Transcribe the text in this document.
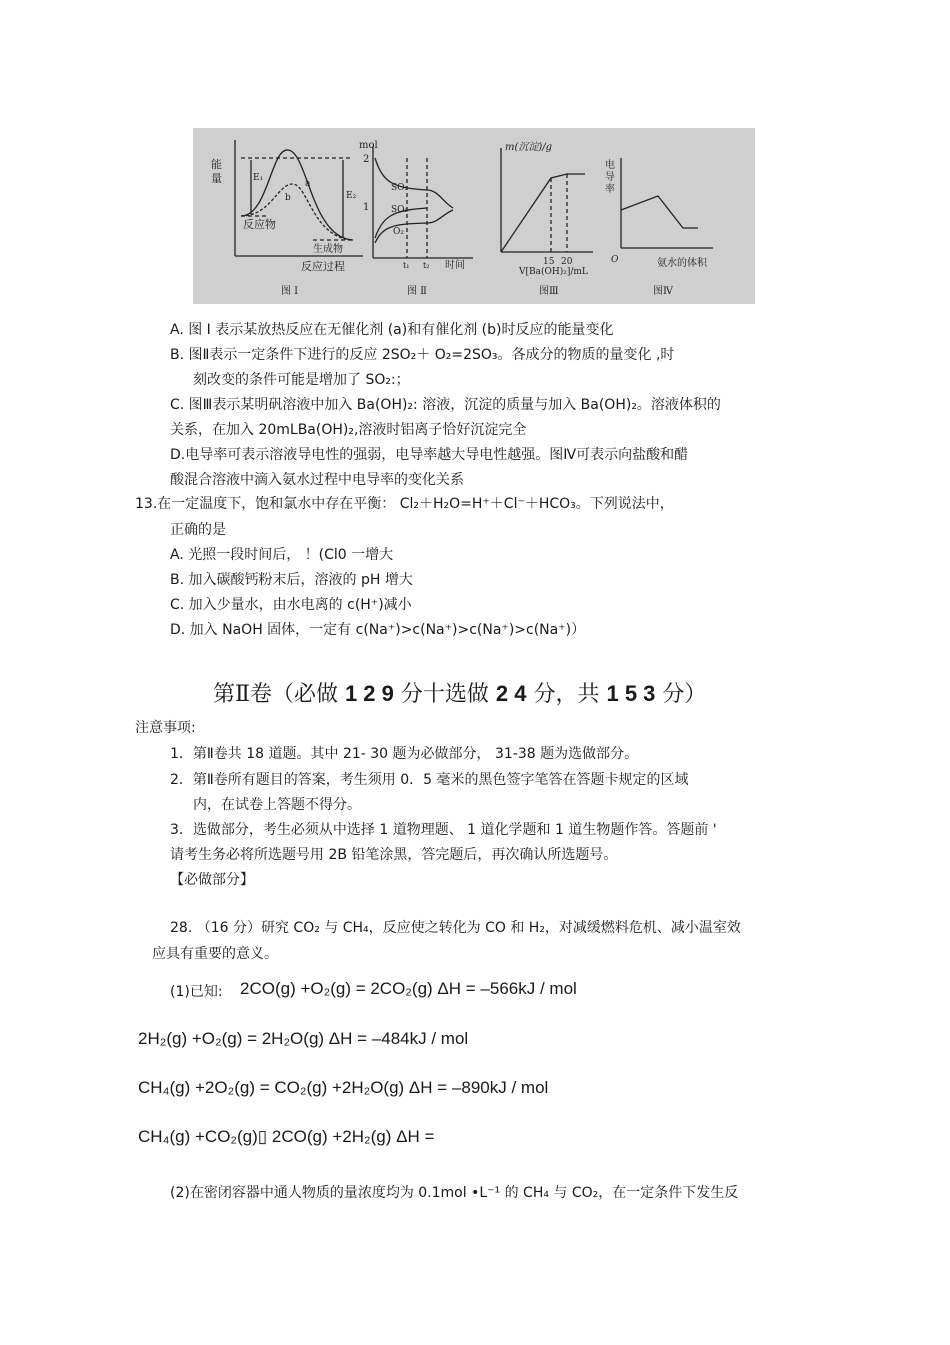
能
量	E₁
E₂
a
b
反应物
生成物
反应过程
图 Ⅰ
mol
2
1
SO₃
SO₂
O₂
t₁ t₂ 时间
图 Ⅱ
m(沉淀)/g
15 20
V[Ba(OH)₂]/mL
图Ⅲ
电
导
率
O	氨水的体积
图Ⅳ
A. 图 Ⅰ 表示某放热反应在无催化剂 (a)和有催化剂 (b)时反应的能量变化
B. 图Ⅱ表示一定条件下进行的反应 2SO₂＋ O₂=2SO₃。各成分的物质的量变化 ,时
刻改变的条件可能是增加了 SO₂:；
C. 图Ⅲ表示某明矾溶液中加入 Ba(OH)₂: 溶液，沉淀的质量与加入 Ba(OH)₂。溶液体积的
关系，在加入 20mLBa(OH)₂,溶液时铝离子恰好沉淀完全
D.电导率可表示溶液导电性的强弱，电导率越大导电性越强。图Ⅳ可表示向盐酸和醋
酸混合溶液中滴入氨水过程中电导率的变化关系
13.在一定温度下，饱和氯水中存在平衡： Cl₂＋H₂O=H⁺＋Cl⁻＋HCO₃。下列说法中，
正确的是
A. 光照一段时间后， ！(Cl0 一增大
B. 加入碳酸钙粉末后，溶液的 pH 增大
C. 加入少量水，由水电离的 c(H⁺)减小
D. 加入 NaOH 固体，一定有 c(Na⁺)>c(Na⁺)>c(Na⁺)>c(Na⁺)）
第Ⅱ卷（必做 1 2 9 分十选做 2 4 分，共 1 5 3 分）
注意事项:
1．第Ⅱ卷共 18 道题。其中 21- 30 题为必做部分， 31-38 题为选做部分。
2．第Ⅱ卷所有题目的答案，考生须用 0．5 毫米的黑色签字笔答在答题卡规定的区域
内，在试卷上答题不得分。
3．选做部分，考生必须从中选择 1 道物理题、 1 道化学题和 1 道生物题作答。答题前 '
请考生务必将所选题号用 2B 铅笔涂黑，答完题后，再次确认所选题号。
【必做部分】
28. （16 分）研究 CO₂ 与 CH₄，反应使之转化为 CO 和 H₂，对减缓燃料危机、减小温室效
应具有重要的意义。
(1)已知: 2CO(g) +O₂(g) = 2CO₂(g) ΔH = –566kJ / mol
2H₂(g) +O₂(g) = 2H₂O(g) ΔH = –484kJ / mol
CH₄(g) +2O₂(g) = CO₂(g) +2H₂O(g) ΔH = –890kJ / mol
CH₄(g) +CO₂(g)▯ 2CO(g) +2H₂(g) ΔH =
(2)在密闭容器中通人物质的量浓度均为 0.1mol •L⁻¹ 的 CH₄ 与 CO₂，在一定条件下发生反
